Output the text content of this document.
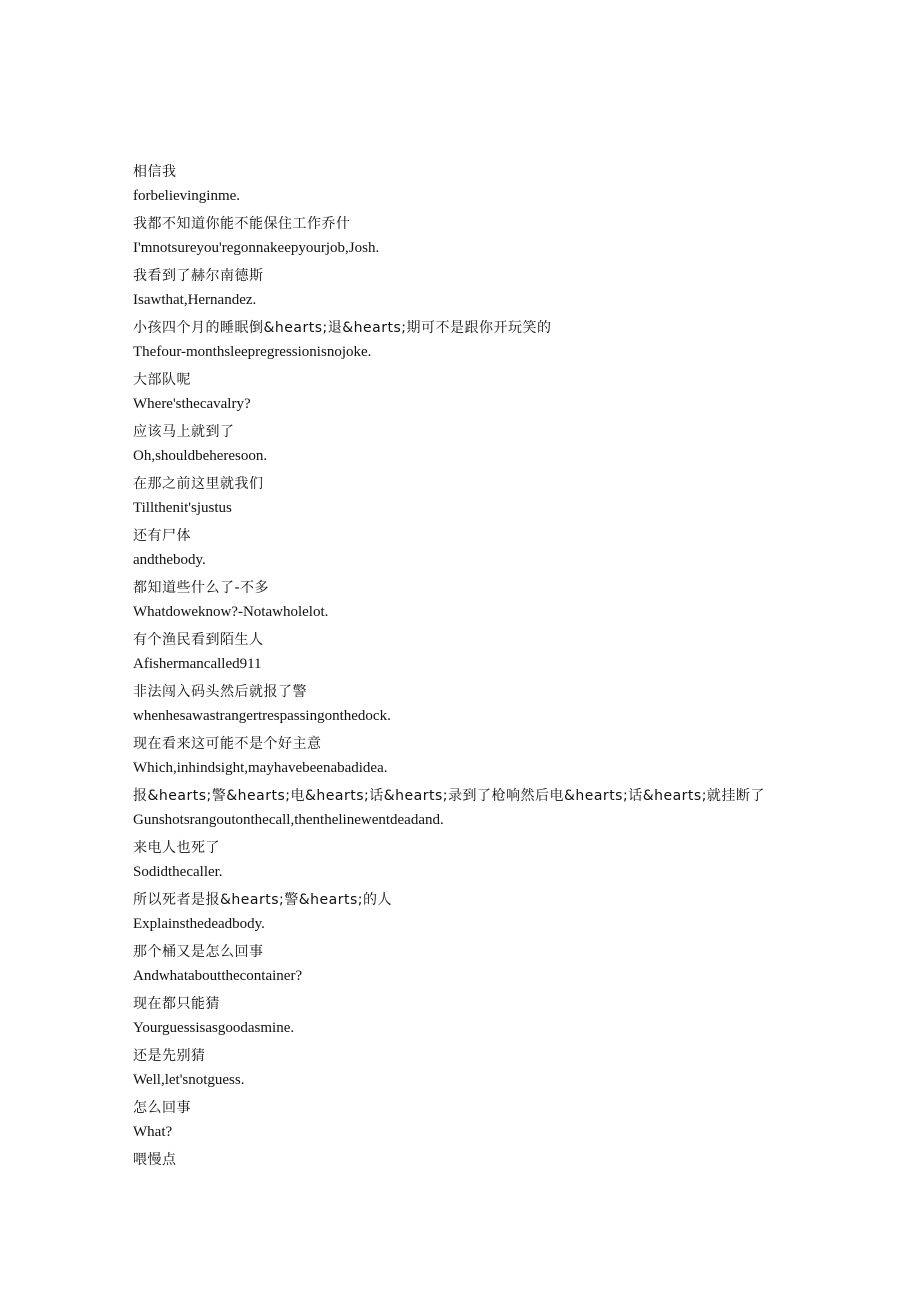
相信我
forbelievinginme.
我都不知道你能不能保住工作乔什
I'mnotsureyou'regonnakeepyourjob,Josh.
我看到了赫尔南德斯
Isawthat,Hernandez.
小孩四个月的睡眠倒&hearts;退&hearts;期可不是跟你开玩笑的
Thefour-monthsleepregressionisnojoke.
大部队呢
Where'sthecavalry?
应该马上就到了
Oh,shouldbeheresoon.
在那之前这里就我们
Tillthenit'sjustus
还有尸体
andthebody.
都知道些什么了-不多
Whatdoweknow?-Notawholelot.
有个渔民看到陌生人
Afishermancalled911
非法闯入码头然后就报了警
whenhesawastrangertrespassingonthedock.
现在看来这可能不是个好主意
Which,inhindsight,mayhavebeenabadidea.
报&hearts;警&hearts;电&hearts;话&hearts;录到了枪响然后电&hearts;话&hearts;就挂断了
Gunshotsrangoutonthecall,thenthelinewentdeadand.
来电人也死了
Sodidthecaller.
所以死者是报&hearts;警&hearts;的人
Explainsthedeadbody.
那个桶又是怎么回事
Andwhataboutthecontainer?
现在都只能猜
Yourguessisasgoodasmine.
还是先别猜
Well,let'snotguess.
怎么回事
What?
喂慢点
